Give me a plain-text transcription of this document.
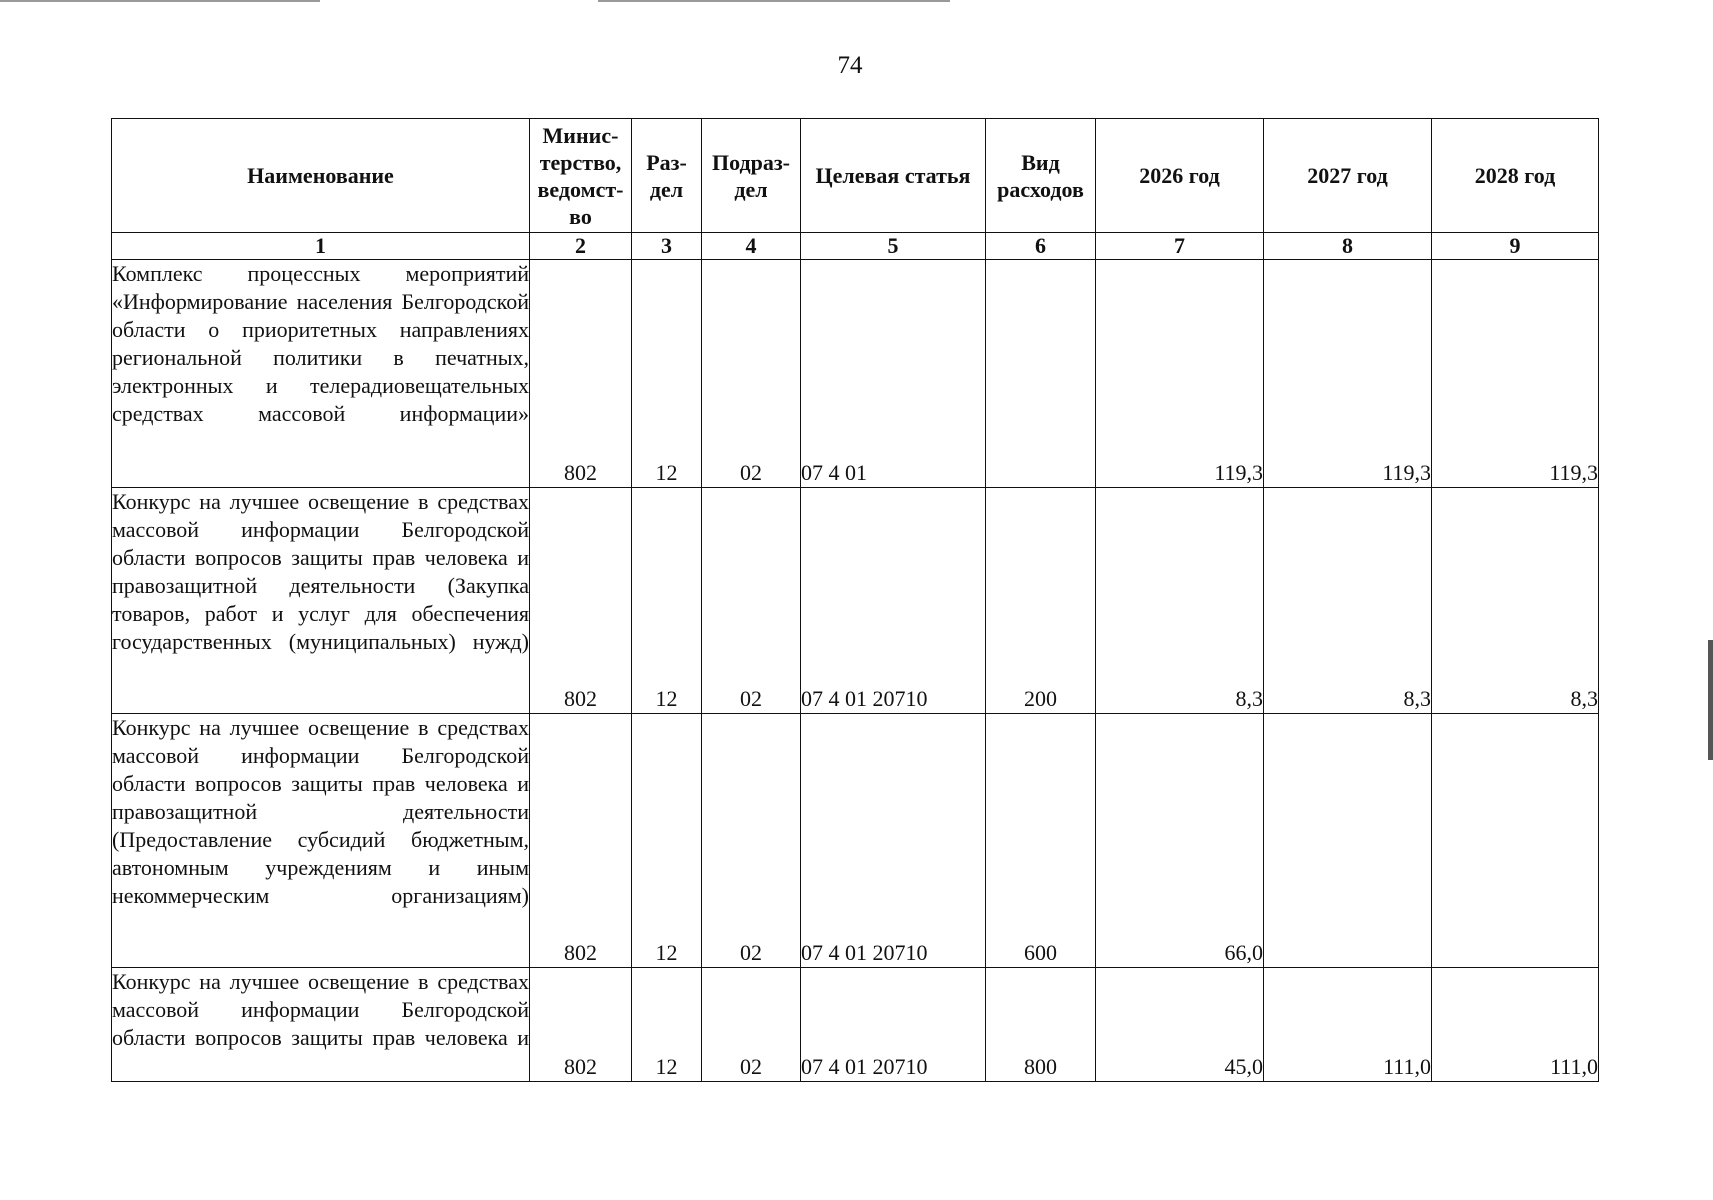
74
Наименование	Минис-терство, ведомст-во	Раз-дел	Подраз-дел	Целевая статья	Вид расходов	2026 год	2027 год	2028 год
1	2	3	4	5	6	7	8	9
Комплекс процессных мероприятий «Информирование населения Белгородской области о приоритетных направлениях региональной политики в печатных, электронных и телерадиовещательных средствах массовой информации»	802	12	02	07 4 01		119,3	119,3	119,3
Конкурс на лучшее освещение в средствах массовой информации Белгородской области вопросов защиты прав человека и правозащитной деятельности (Закупка товаров, работ и услуг для обеспечения государственных (муниципальных) нужд)	802	12	02	07 4 01 20710	200	8,3	8,3	8,3
Конкурс на лучшее освещение в средствах массовой информации Белгородской области вопросов защиты прав человека и правозащитной деятельности (Предоставление субсидий бюджетным, автономным учреждениям и иным некоммерческим организациям)	802	12	02	07 4 01 20710	600	66,0		
Конкурс на лучшее освещение в средствах массовой информации Белгородской области вопросов защиты прав человека и	802	12	02	07 4 01 20710	800	45,0	111,0	111,0
